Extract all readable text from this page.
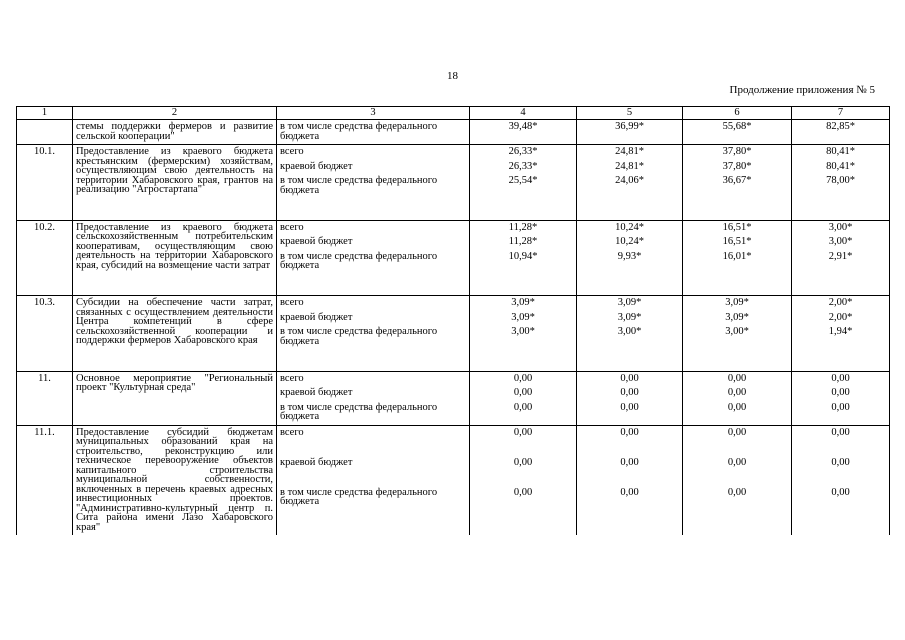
18
Продолжение приложения № 5
1	2	3	4	5	6	7
	стемы поддержки фермеров и развитие сельской кооперации"	в том числе средства федерального бюджета	39,48*	36,99*	55,68*	82,85*
10.1.	Предоставление из краевого бюджета крестьянским (фермерским) хозяйствам, осуществляющим свою деятельность на территории Хабаровского края, грантов на реализацию "Агростартапа"	всего	26,33*	24,81*	37,80*	80,41*
		краевой бюджет	26,33*	24,81*	37,80*	80,41*
		в том числе средства федерального бюджета	25,54*	24,06*	36,67*	78,00*
10.2.	Предоставление из краевого бюджета сельскохозяйственным потребительским кооперативам, осуществляющим свою деятельность на территории Хабаровского края, субсидий на возмещение части затрат	всего	11,28*	10,24*	16,51*	3,00*
		краевой бюджет	11,28*	10,24*	16,51*	3,00*
		в том числе средства федерального бюджета	10,94*	9,93*	16,01*	2,91*
10.3.	Субсидии на обеспечение части затрат, связанных с осуществлением деятельности Центра компетенций в сфере сельскохозяйственной кооперации и поддержки фермеров Хабаровского края	всего	3,09*	3,09*	3,09*	2,00*
		краевой бюджет	3,09*	3,09*	3,09*	2,00*
		в том числе средства федерального бюджета	3,00*	3,00*	3,00*	1,94*
11.	Основное мероприятие "Региональный проект "Культурная среда"	всего	0,00	0,00	0,00	0,00
		краевой бюджет	0,00	0,00	0,00	0,00
		в том числе средства федерального бюджета	0,00	0,00	0,00	0,00
11.1.	Предоставление субсидий бюджетам муниципальных образований края на строительство, реконструкцию или техническое перевооружение объектов капитального строительства муниципальной собственности, включенных в перечень краевых адресных инвестиционных проектов. "Административно-культурный центр п. Сита района имени Лазо Хабаровского края"	всего	0,00	0,00	0,00	0,00
		краевой бюджет	0,00	0,00	0,00	0,00
		в том числе средства федерального бюджета	0,00	0,00	0,00	0,00
